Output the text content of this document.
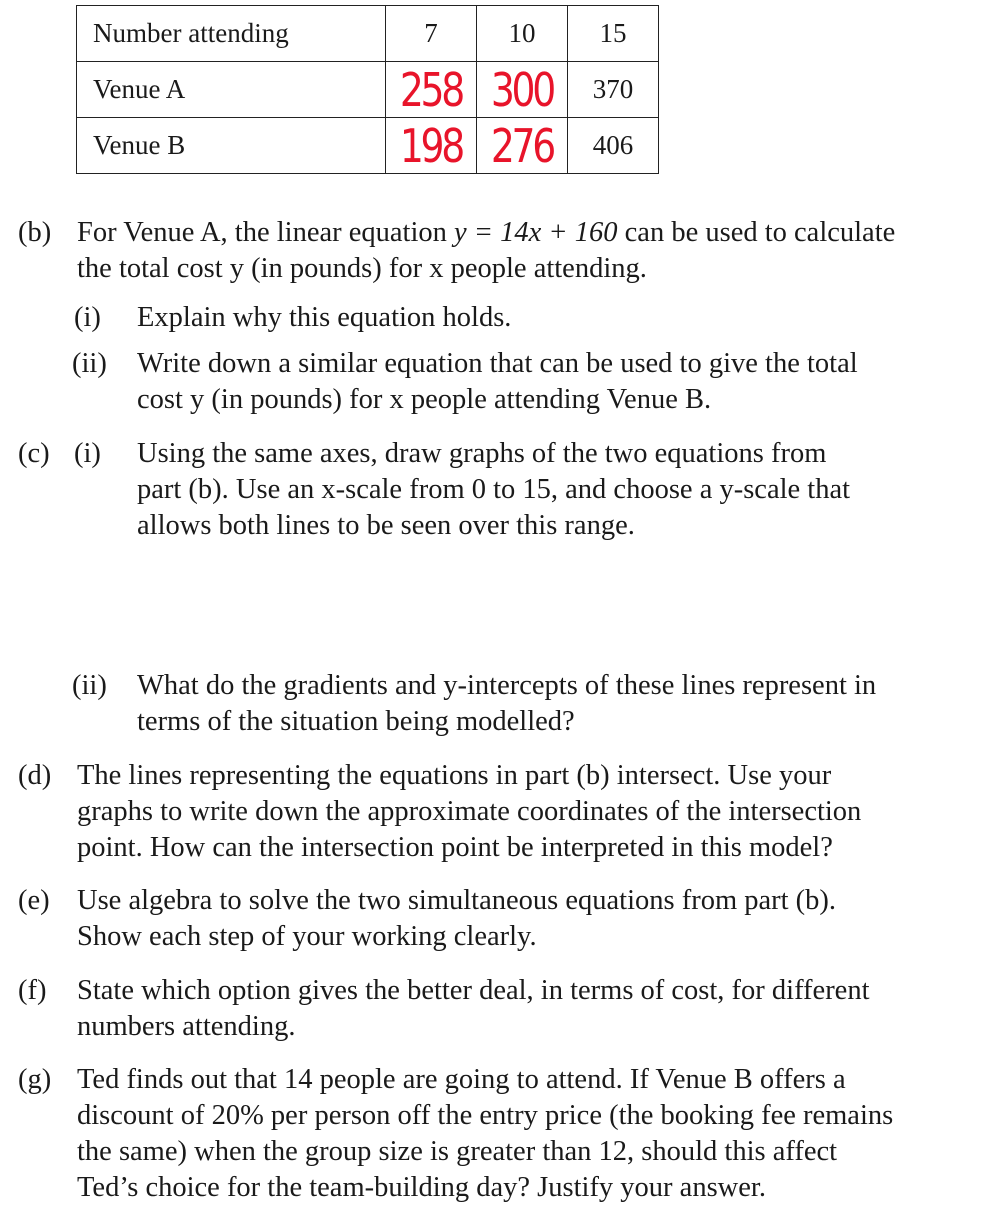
Number attending	7	10	15
Venue A	258	300	370
Venue B	198	276	406
(b) For Venue A, the linear equation y = 14x + 160 can be used to calculate
the total cost y (in pounds) for x people attending.
(i) Explain why this equation holds.
(ii) Write down a similar equation that can be used to give the total
cost y (in pounds) for x people attending Venue B.
(c) (i) Using the same axes, draw graphs of the two equations from
part (b). Use an x-scale from 0 to 15, and choose a y-scale that
allows both lines to be seen over this range.
(ii) What do the gradients and y-intercepts of these lines represent in
terms of the situation being modelled?
(d) The lines representing the equations in part (b) intersect. Use your
graphs to write down the approximate coordinates of the intersection
point. How can the intersection point be interpreted in this model?
(e) Use algebra to solve the two simultaneous equations from part (b).
Show each step of your working clearly.
(f) State which option gives the better deal, in terms of cost, for different
numbers attending.
(g) Ted finds out that 14 people are going to attend. If Venue B offers a
discount of 20% per person off the entry price (the booking fee remains
the same) when the group size is greater than 12, should this affect
Ted’s choice for the team-building day? Justify your answer.
